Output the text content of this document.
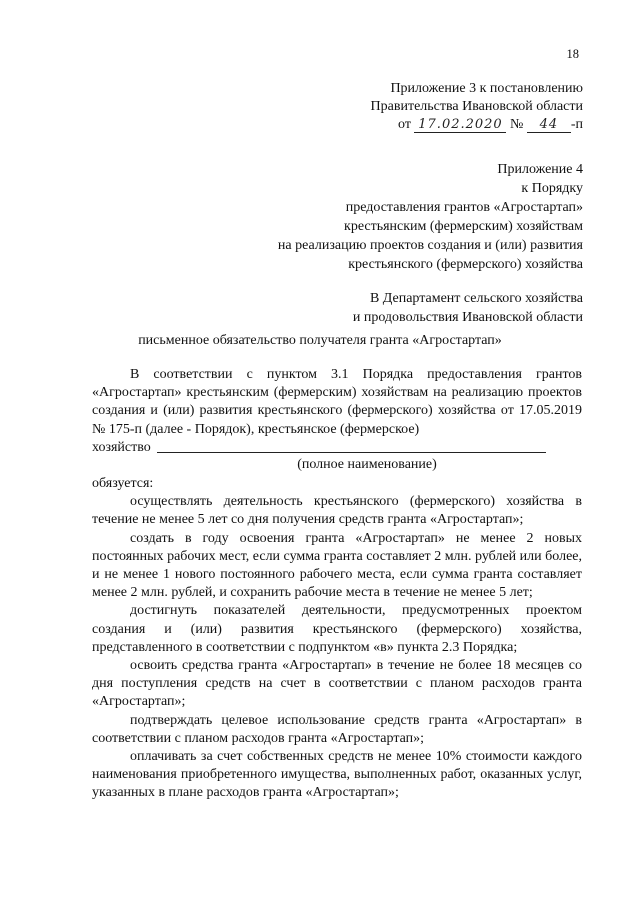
18
Приложение 3 к постановлению
Правительства Ивановской области
от 17.02.2020 № 44 -п
Приложение 4
к Порядку
предоставления грантов «Агростартап»
крестьянским (фермерским) хозяйствам
на реализацию проектов создания и (или) развития
крестьянского (фермерского) хозяйства
В Департамент сельского хозяйства
и продовольствия Ивановской области
письменное обязательство получателя гранта «Агростартап»

В соответствии с пунктом 3.1 Порядка предоставления грантов «Агростартап» крестьянским (фермерским) хозяйствам на реализацию проектов создания и (или) развития крестьянского (фермерского) хозяйства от 17.05.2019 № 175-п (далее - Порядок), крестьянское (фермерское)

хозяйство

(полное наименование)

обязуется:

осуществлять деятельность крестьянского (фермерского) хозяйства в течение не менее 5 лет со дня получения средств гранта «Агростартап»;

создать в году освоения гранта «Агростартап» не менее 2 новых постоянных рабочих мест, если сумма гранта составляет 2 млн. рублей или более, и не менее 1 нового постоянного рабочего места, если сумма гранта составляет менее 2 млн. рублей, и сохранить рабочие места в течение не менее 5 лет;

достигнуть показателей деятельности, предусмотренных проектом создания и (или) развития крестьянского (фермерского) хозяйства, представленного в соответствии с подпунктом «в» пункта 2.3 Порядка;

освоить средства гранта «Агростартап» в течение не более 18 месяцев со дня поступления средств на счет в соответствии с планом расходов гранта «Агростартап»;

подтверждать целевое использование средств гранта «Агростартап» в соответствии с планом расходов гранта «Агростартап»;

оплачивать за счет собственных средств не менее 10% стоимости каждого наименования приобретенного имущества, выполненных работ, оказанных услуг, указанных в плане расходов гранта «Агростартап»;
